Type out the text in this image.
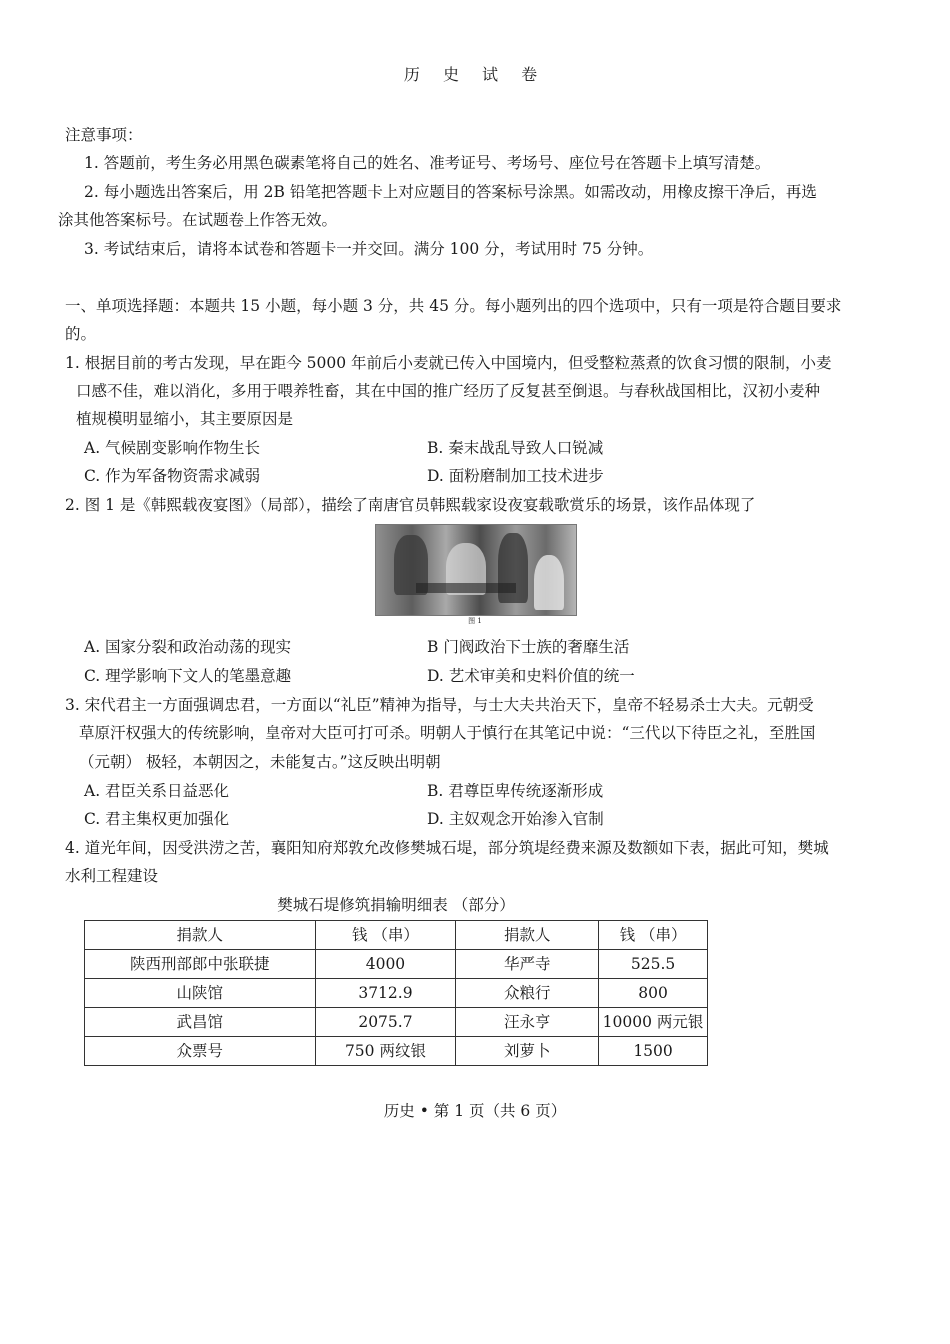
历 史 试 卷
注意事项：
1. 答题前，考生务必用黑色碳素笔将自己的姓名、准考证号、考场号、座位号在答题卡上填写清楚。
2. 每小题选出答案后，用 2B 铅笔把答题卡上对应题目的答案标号涂黑。如需改动，用橡皮擦干净后，再选
涂其他答案标号。在试题卷上作答无效。
3. 考试结束后，请将本试卷和答题卡一并交回。满分 100 分，考试用时 75 分钟。
一、单项选择题：本题共 15 小题，每小题 3 分，共 45 分。每小题列出的四个选项中，只有一项是符合题目要求
的。
1. 根据目前的考古发现，早在距今 5000 年前后小麦就已传入中国境内，但受整粒蒸煮的饮食习惯的限制，小麦
口感不佳，难以消化，多用于喂养牲畜，其在中国的推广经历了反复甚至倒退。与春秋战国相比，汉初小麦种
植规模明显缩小，其主要原因是
A. 气候剧变影响作物生长	B. 秦末战乱导致人口锐减
C. 作为军备物资需求减弱	D. 面粉磨制加工技术进步
2. 图 1 是《韩熙载夜宴图》（局部），描绘了南唐官员韩熙载家设夜宴载歌赏乐的场景，该作品体现了
图 1
A. 国家分裂和政治动荡的现实	B 门阀政治下士族的奢靡生活
C. 理学影响下文人的笔墨意趣	D. 艺术审美和史料价值的统一
3. 宋代君主一方面强调忠君，一方面以“礼臣”精神为指导，与士大夫共治天下，皇帝不轻易杀士大夫。元朝受
草原汗权强大的传统影响，皇帝对大臣可打可杀。明朝人于慎行在其笔记中说：“三代以下待臣之礼，至胜国
（元朝） 极轻，本朝因之，未能复古。”这反映出明朝
A. 君臣关系日益恶化	B. 君尊臣卑传统逐渐形成
C. 君主集权更加强化	D. 主奴观念开始渗入官制
4. 道光年间，因受洪涝之苦，襄阳知府郑敦允改修樊城石堤，部分筑堤经费来源及数额如下表，据此可知，樊城
水利工程建设
樊城石堤修筑捐输明细表 （部分）
捐款人	钱 （串）	捐款人	钱 （串）
陕西刑部郎中张联捷	4000	华严寺	525.5
山陕馆	3712.9	众粮行	800
武昌馆	2075.7	汪永亨	10000 两元银
众票号	750 两纹银	刘萝卜	1500
历史 • 第 1 页（共 6 页）
